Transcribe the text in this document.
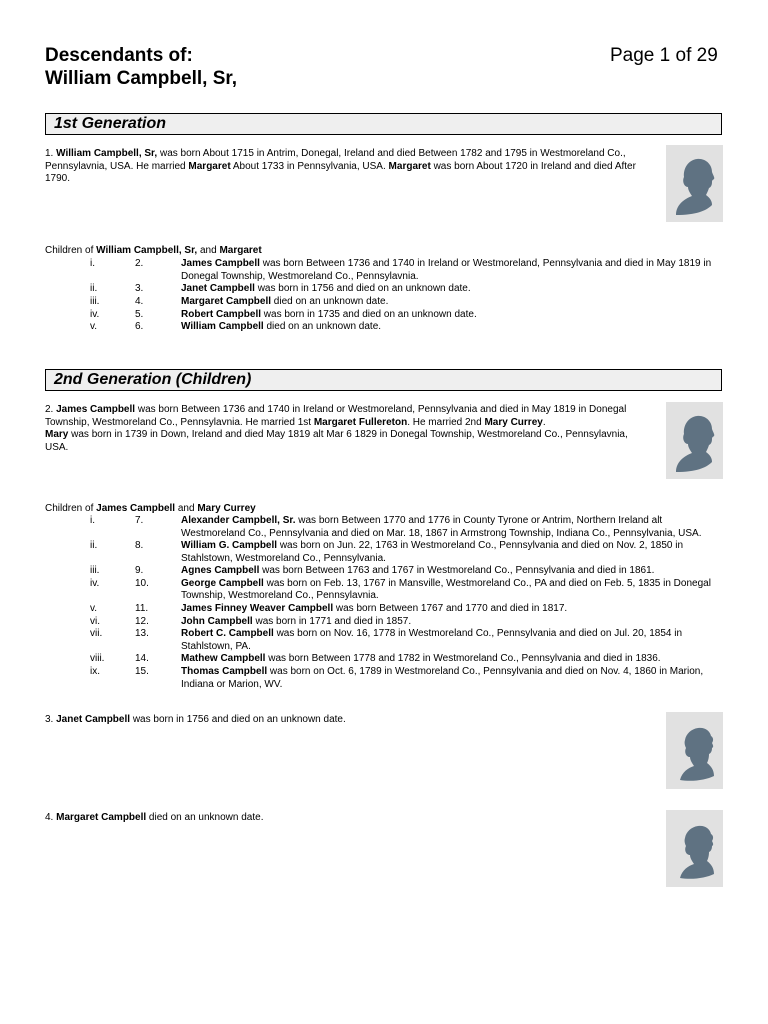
Descendants of:
William Campbell, Sr,
Page 1 of 29
1st Generation
1. William Campbell, Sr, was born About 1715 in Antrim, Donegal, Ireland and died Between 1782 and 1795 in Westmoreland Co., Pennsylavnia, USA. He married Margaret About 1733 in Pennsylvania, USA. Margaret was born About 1720 in Ireland and died After 1790.
Children of William Campbell, Sr, and Margaret
i.	2.	James Campbell was born Between 1736 and 1740 in Ireland or Westmoreland, Pennsylvania and died in May 1819 in Donegal Township, Westmoreland Co., Pennsylavnia.
ii.	3.	Janet Campbell was born in 1756 and died on an unknown date.
iii.	4.	Margaret Campbell died on an unknown date.
iv.	5.	Robert Campbell was born in 1735 and died on an unknown date.
v.	6.	William Campbell died on an unknown date.
2nd Generation (Children)
2. James Campbell was born Between 1736 and 1740 in Ireland or Westmoreland, Pennsylvania and died in May 1819 in Donegal Township, Westmoreland Co., Pennsylavnia. He married 1st Margaret Fullereton. He married 2nd Mary Currey.
Mary was born in 1739 in Down, Ireland and died May 1819 alt Mar 6 1829 in Donegal Township, Westmoreland Co., Pennsylavnia, USA.
Children of James Campbell and Mary Currey
i.	7.	Alexander Campbell, Sr. was born Between 1770 and 1776 in County Tyrone or Antrim, Northern Ireland alt Westmoreland Co., Pennsylvania and died on Mar. 18, 1867 in Armstrong Township, Indiana Co., Pennsylvania, USA.
ii.	8.	William G. Campbell was born on Jun. 22, 1763 in Westmoreland Co., Pennsylvania and died on Nov. 2, 1850 in Stahlstown, Westmoreland Co., Pennsylvania.
iii.	9.	Agnes Campbell was born Between 1763 and 1767 in Westmoreland Co., Pennsylvania and died in 1861.
iv.	10.	George Campbell was born on Feb. 13, 1767 in Mansville, Westmoreland Co., PA and died on Feb. 5, 1835 in Donegal Township, Westmoreland Co., Pennsylavnia.
v.	11.	James Finney Weaver Campbell was born Between 1767 and 1770 and died in 1817.
vi.	12.	John Campbell was born in 1771 and died in 1857.
vii.	13.	Robert C. Campbell was born on Nov. 16, 1778 in Westmoreland Co., Pennsylvania and died on Jul. 20, 1854 in Stahlstown, PA.
viii.	14.	Mathew Campbell was born Between 1778 and 1782 in Westmoreland Co., Pennsylvania and died in 1836.
ix.	15.	Thomas Campbell was born on Oct. 6, 1789 in Westmoreland Co., Pennsylvania and died on Nov. 4, 1860 in Marion, Indiana or Marion, WV.
3. Janet Campbell was born in 1756 and died on an unknown date.
4. Margaret Campbell died on an unknown date.
